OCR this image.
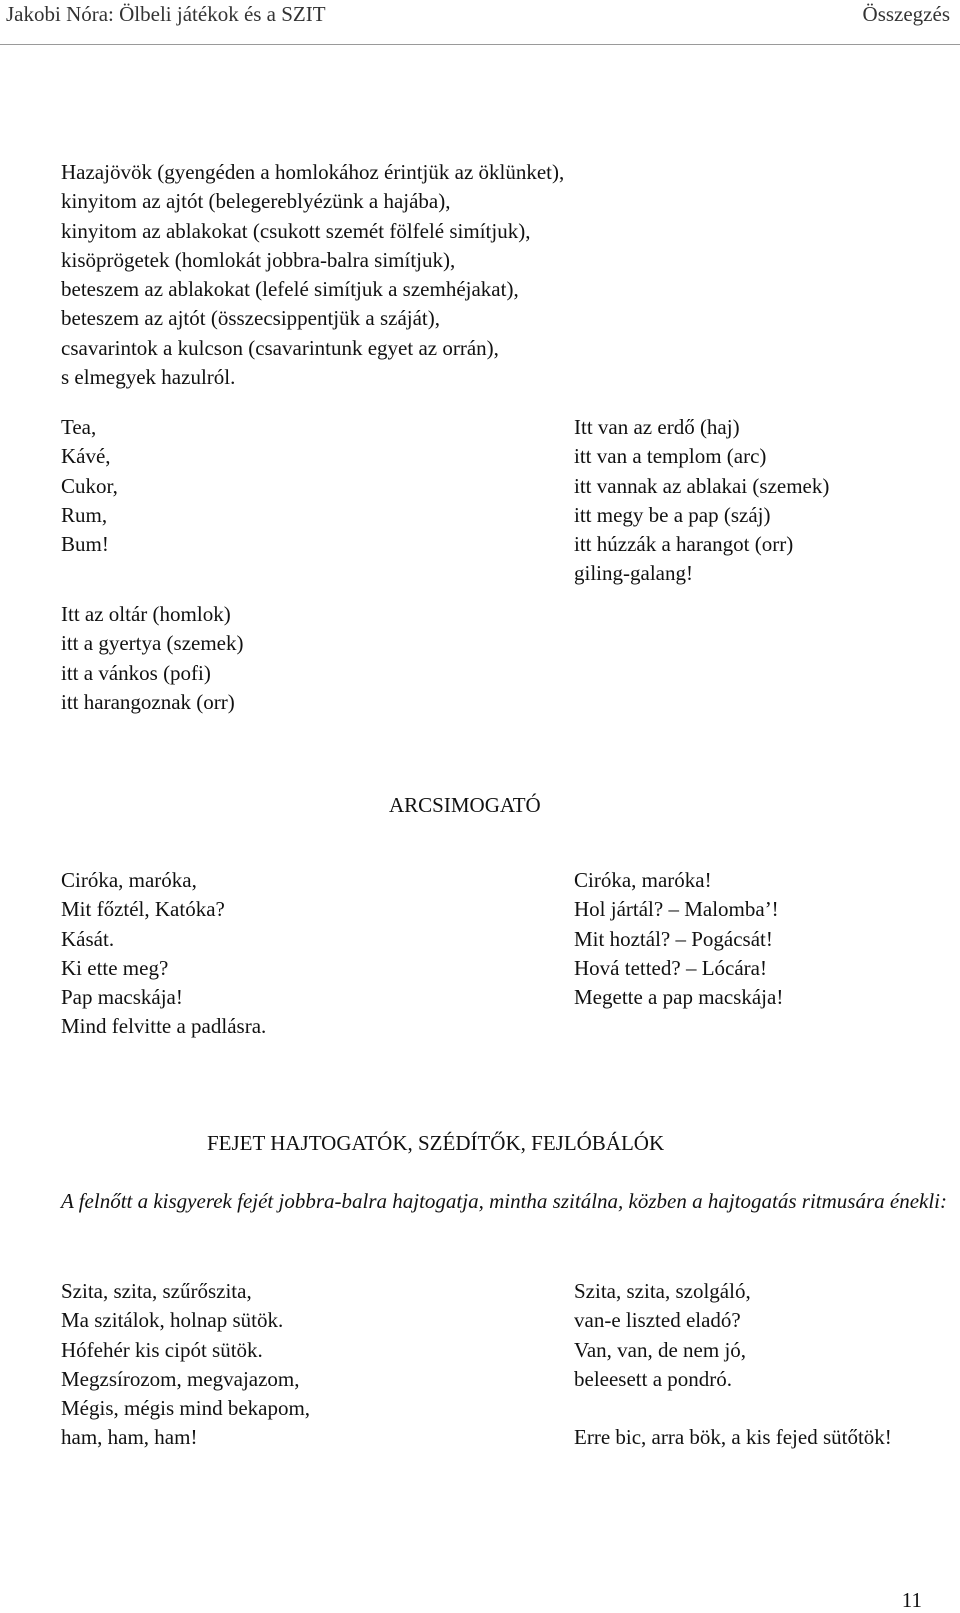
Jakobi Nóra: Ölbeli játékok és a SZIT	Összegzés
Hazajövök (gyengéden a homlokához érintjük az öklünket),
kinyitom az ajtót (belegereblyézünk a hajába),
kinyitom az ablakokat (csukott szemét fölfelé simítjuk),
kisöprögetek (homlokát jobbra-balra simítjuk),
beteszem az ablakokat (lefelé simítjuk a szemhéjakat),
beteszem az ajtót (összecsippentjük a száját),
csavarintok a kulcson (csavarintunk egyet az orrán),
s elmegyek hazulról.
Tea,
Kávé,
Cukor,
Rum,
Bum!
Itt az oltár (homlok)
itt a gyertya (szemek)
itt a vánkos (pofi)
itt harangoznak (orr)
Itt van az erdő (haj)
itt van a templom (arc)
itt vannak az ablakai (szemek)
itt megy be a pap (száj)
itt húzzák a harangot (orr)
giling-galang!
ARCSIMOGATÓ
Ciróka, maróka,
Mit főztél, Katóka?
Kását.
Ki ette meg?
Pap macskája!
Mind felvitte a padlásra.
Ciróka, maróka!
Hol jártál? – Malomba’!
Mit hoztál? – Pogácsát!
Hová tetted? – Lócára!
Megette a pap macskája!
FEJET HAJTOGATÓK, SZÉDÍTŐK, FEJLÓBÁLÓK
A felnőtt a kisgyerek fejét jobbra-balra hajtogatja, mintha szitálna, közben a hajtogatás ritmusára énekli:
Szita, szita, szűrőszita,
Ma szitálok, holnap sütök.
Hófehér kis cipót sütök.
Megzsírozom, megvajazom,
Mégis, mégis mind bekapom,
ham, ham, ham!
Szita, szita, szolgáló,
van-e liszted eladó?
Van, van, de nem jó,
beleesett a pondró.

Erre bic, arra bök, a kis fejed sütőtök!
11
